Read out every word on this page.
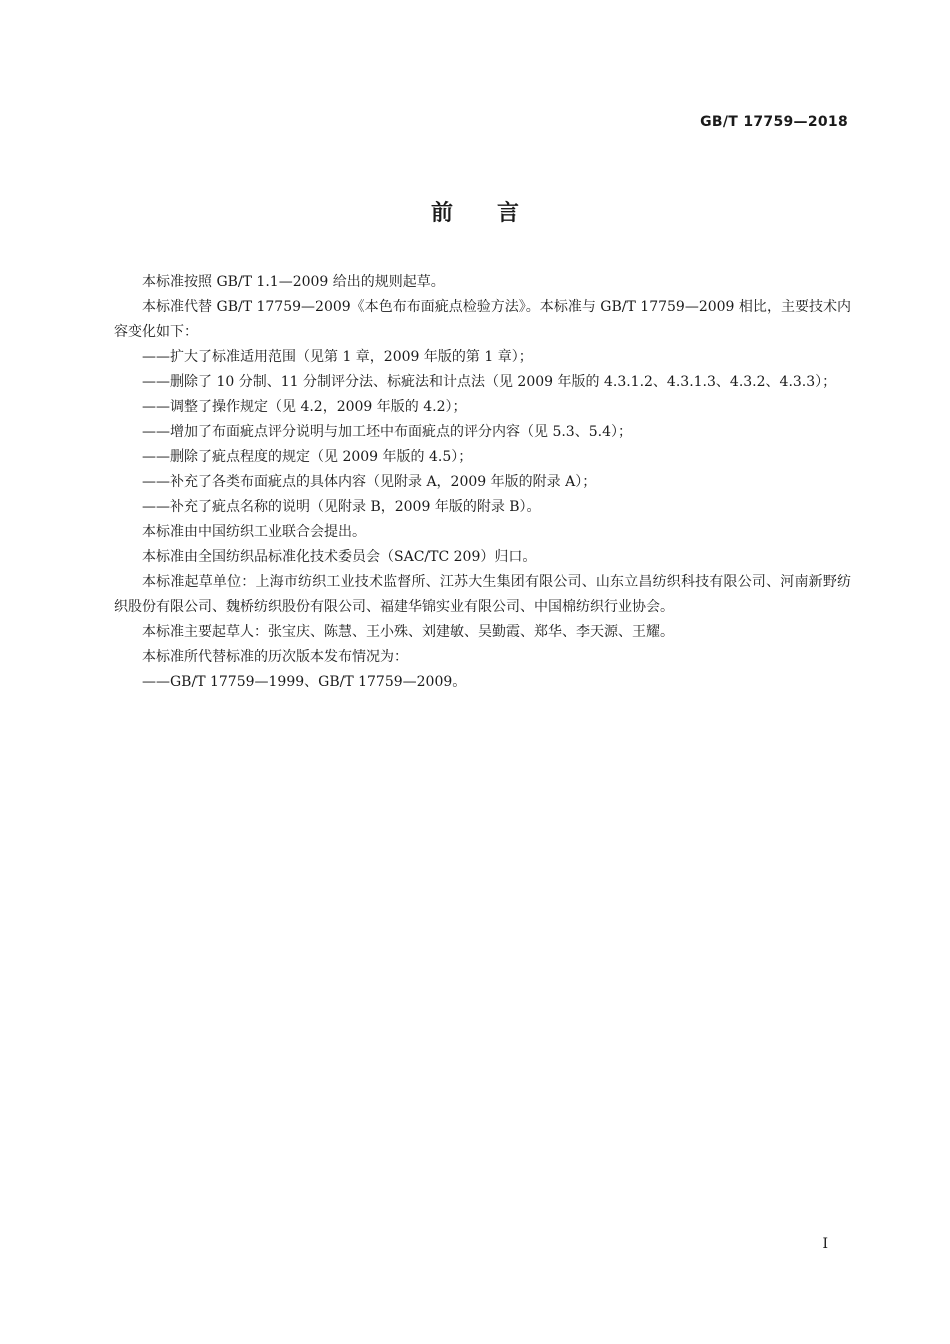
GB/T 17759—2018
前言

本标准按照 GB/T 1.1—2009 给出的规则起草。

本标准代替 GB/T 17759—2009《本色布布面疵点检验方法》。本标准与 GB/T 17759—2009 相比，主要技术内容变化如下：

——扩大了标准适用范围（见第 1 章，2009 年版的第 1 章）；
——删除了 10 分制、11 分制评分法、标疵法和计点法（见 2009 年版的 4.3.1.2、4.3.1.3、4.3.2、4.3.3）；
——调整了操作规定（见 4.2，2009 年版的 4.2）；
——增加了布面疵点评分说明与加工坯中布面疵点的评分内容（见 5.3、5.4）；
——删除了疵点程度的规定（见 2009 年版的 4.5）；
——补充了各类布面疵点的具体内容（见附录 A，2009 年版的附录 A）；
——补充了疵点名称的说明（见附录 B，2009 年版的附录 B）。

本标准由中国纺织工业联合会提出。

本标准由全国纺织品标准化技术委员会（SAC/TC 209）归口。

本标准起草单位：上海市纺织工业技术监督所、江苏大生集团有限公司、山东立昌纺织科技有限公司、河南新野纺织股份有限公司、魏桥纺织股份有限公司、福建华锦实业有限公司、中国棉纺织行业协会。

本标准主要起草人：张宝庆、陈慧、王小殊、刘建敏、吴勤霞、郑华、李天源、王耀。

本标准所代替标准的历次版本发布情况为：

——GB/T 17759—1999、GB/T 17759—2009。
I
